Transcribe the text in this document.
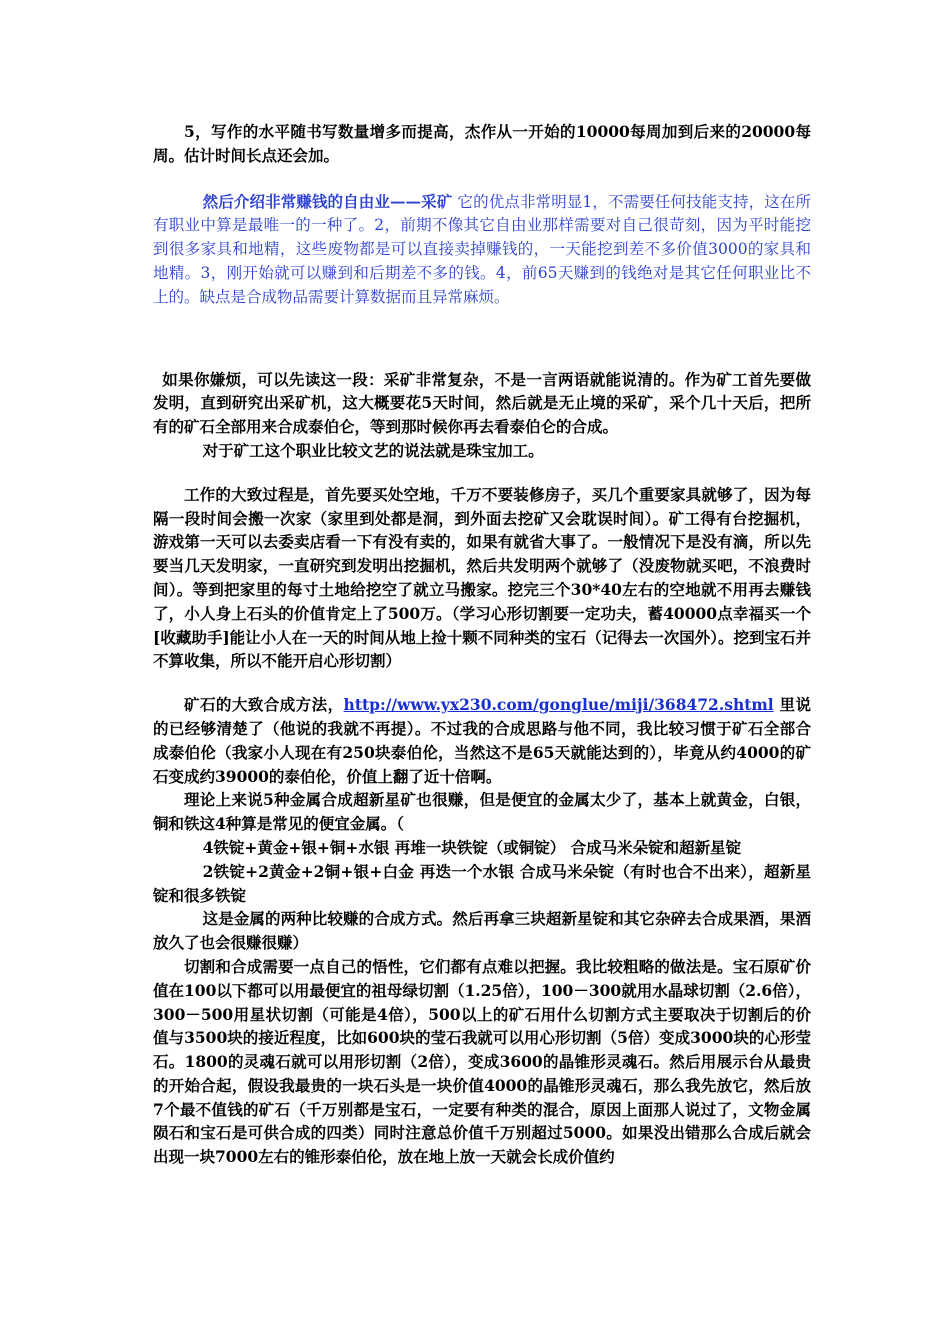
5，写作的水平随书写数量增多而提高，杰作从一开始的10000每周加到后来的20000每周。估计时间长点还会加。

然后介绍非常赚钱的自由业——采矿 它的优点非常明显1，不需要任何技能支持，这在所有职业中算是最唯一的一种了。2，前期不像其它自由业那样需要对自己很苛刻，因为平时能挖到很多家具和地精，这些废物都是可以直接卖掉赚钱的，一天能挖到差不多价值3000的家具和地精。3，刚开始就可以赚到和后期差不多的钱。4，前65天赚到的钱绝对是其它任何职业比不上的。缺点是合成物品需要计算数据而且异常麻烦。

如果你嫌烦，可以先读这一段：采矿非常复杂，不是一言两语就能说清的。作为矿工首先要做发明，直到研究出采矿机，这大概要花5天时间，然后就是无止境的采矿，采个几十天后，把所有的矿石全部用来合成泰伯仑，等到那时候你再去看泰伯仑的合成。

对于矿工这个职业比较文艺的说法就是珠宝加工。

工作的大致过程是，首先要买处空地，千万不要装修房子，买几个重要家具就够了，因为每隔一段时间会搬一次家（家里到处都是洞，到外面去挖矿又会耽误时间）。矿工得有台挖掘机，游戏第一天可以去委卖店看一下有没有卖的，如果有就省大事了。一般情况下是没有滴，所以先要当几天发明家，一直研究到发明出挖掘机，然后共发明两个就够了（没废物就买吧，不浪费时间）。等到把家里的每寸土地给挖空了就立马搬家。挖完三个30*40左右的空地就不用再去赚钱了，小人身上石头的价值肯定上了500万。（学习心形切割要一定功夫，蓄40000点幸福买一个[收藏助手]能让小人在一天的时间从地上捡十颗不同种类的宝石（记得去一次国外）。挖到宝石并不算收集，所以不能开启心形切割）

矿石的大致合成方法，http://www.yx230.com/gonglue/miji/368472.shtml 里说的已经够清楚了（他说的我就不再提）。不过我的合成思路与他不同，我比较习惯于矿石全部合成泰伯伦（我家小人现在有250块泰伯伦，当然这不是65天就能达到的），毕竟从约4000的矿石变成约39000的泰伯伦，价值上翻了近十倍啊。

理论上来说5种金属合成超新星矿也很赚，但是便宜的金属太少了，基本上就黄金，白银，铜和铁这4种算是常见的便宜金属。（

4铁锭+黄金+银+铜+水银 再堆一块铁锭（或铜锭） 合成马米朵锭和超新星锭

2铁锭+2黄金+2铜+银+白金 再迭一个水银 合成马米朵锭（有时也合不出来），超新星锭和很多铁锭

这是金属的两种比较赚的合成方式。然后再拿三块超新星锭和其它杂碎去合成果酒，果酒放久了也会很赚很赚）

切割和合成需要一点自己的悟性，它们都有点难以把握。我比较粗略的做法是。宝石原矿价值在100以下都可以用最便宜的祖母绿切割（1.25倍），100－300就用水晶球切割（2.6倍），300－500用星状切割（可能是4倍），500以上的矿石用什么切割方式主要取决于切割后的价值与3500块的接近程度，比如600块的莹石我就可以用心形切割（5倍）变成3000块的心形莹石。1800的灵魂石就可以用形切割（2倍），变成3600的晶锥形灵魂石。然后用展示台从最贵的开始合起，假设我最贵的一块石头是一块价值4000的晶锥形灵魂石，那么我先放它，然后放7个最不值钱的矿石（千万别都是宝石，一定要有种类的混合，原因上面那人说过了，文物金属陨石和宝石是可供合成的四类）同时注意总价值千万别超过5000。如果没出错那么合成后就会出现一块7000左右的锥形泰伯伦，放在地上放一天就会长成价值约
